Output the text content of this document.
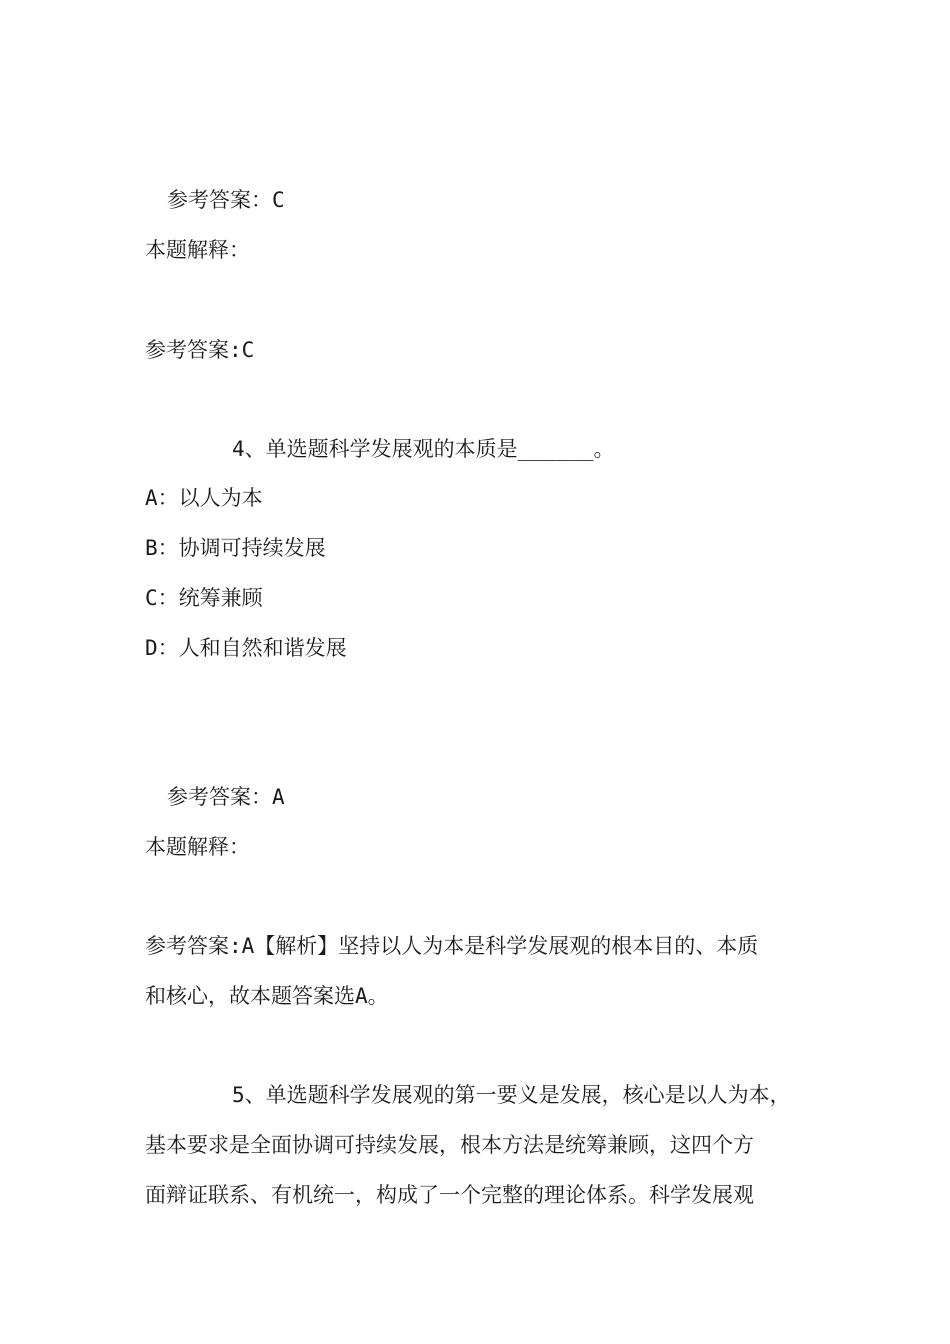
参考答案：C
本题解释：
参考答案:C
4、单选题科学发展观的本质是______。
A：以人为本
B：协调可持续发展
C：统筹兼顾
D：人和自然和谐发展
参考答案：A
本题解释：
参考答案:A【解析】坚持以人为本是科学发展观的根本目的、本质
和核心，故本题答案选A。
5、单选题科学发展观的第一要义是发展，核心是以人为本，
基本要求是全面协调可持续发展，根本方法是统筹兼顾，这四个方
面辩证联系、有机统一，构成了一个完整的理论体系。科学发展观
